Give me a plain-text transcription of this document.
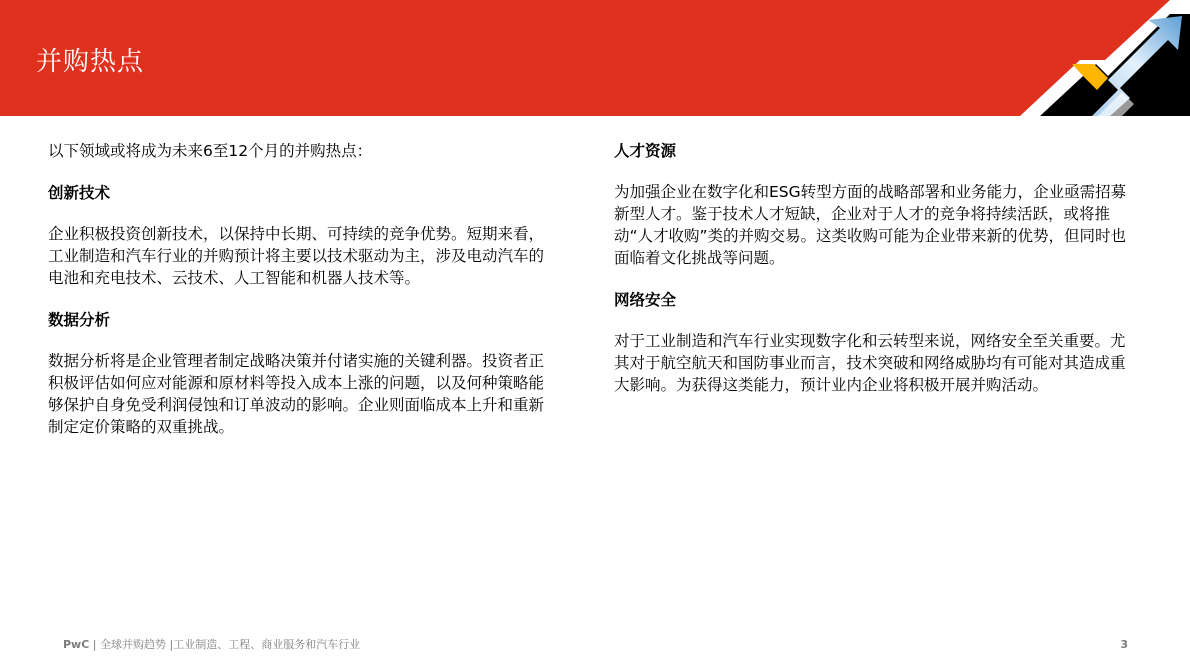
并购热点

以下领域或将成为未来6至12个月的并购热点：

创新技术

企业积极投资创新技术，以保持中长期、可持续的竞争优势。短期来看，工业制造和汽车行业的并购预计将主要以技术驱动为主，涉及电动汽车的电池和充电技术、云技术、人工智能和机器人技术等。

数据分析

数据分析将是企业管理者制定战略决策并付诸实施的关键利器。投资者正积极评估如何应对能源和原材料等投入成本上涨的问题，以及何种策略能够保护自身免受利润侵蚀和订单波动的影响。企业则面临成本上升和重新制定定价策略的双重挑战。

人才资源

为加强企业在数字化和ESG转型方面的战略部署和业务能力，企业亟需招募新型人才。鉴于技术人才短缺，企业对于人才的竞争将持续活跃，或将推动“人才收购”类的并购交易。这类收购可能为企业带来新的优势，但同时也面临着文化挑战等问题。

网络安全

对于工业制造和汽车行业实现数字化和云转型来说，网络安全至关重要。尤其对于航空航天和国防事业而言，技术突破和网络威胁均有可能对其造成重大影响。为获得这类能力，预计业内企业将积极开展并购活动。

PwC | 全球并购趋势 |工业制造、工程、商业服务和汽车行业	3
